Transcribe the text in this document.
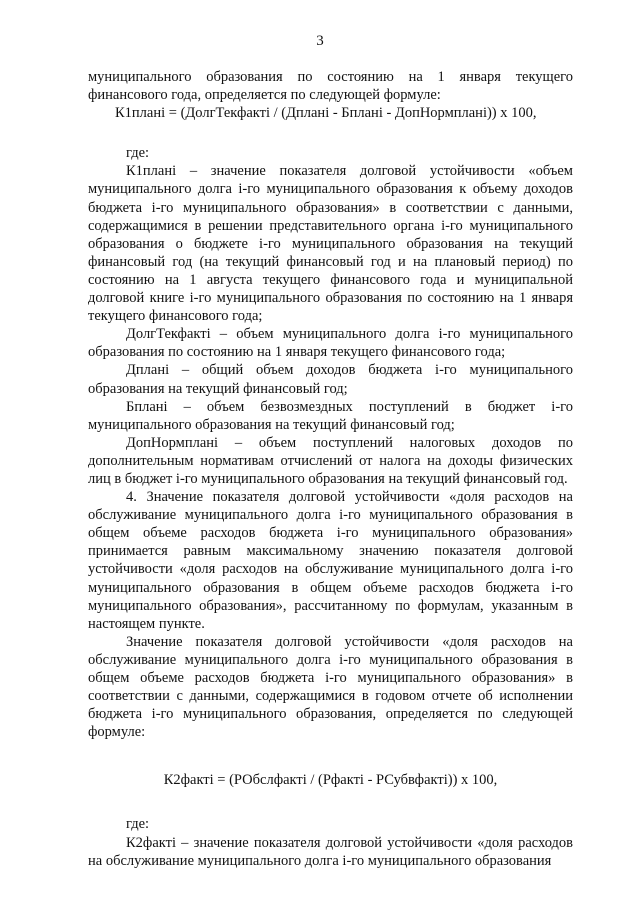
3

муниципального образования по состоянию на 1 января текущего финансового года, определяется по следующей формуле:

К1плані = (ДолгТекфакті / (Дплані - Бплані - ДопНормплані)) х 100,

где:

К1плані – значение показателя долговой устойчивости «объем муниципального долга i-го муниципального образования к объему доходов бюджета i-го муниципального образования» в соответствии с данными, содержащимися в решении представительного органа i-го муниципального образования о бюджете i-го муниципального образования на текущий финансовый год (на текущий финансовый год и на плановый период) по состоянию на 1 августа текущего финансового года и муниципальной долговой книге i-го муниципального образования по состоянию на 1 января текущего финансового года;

ДолгТекфакті – объем муниципального долга i-го муниципального образования по состоянию на 1 января текущего финансового года;

Дплані – общий объем доходов бюджета i-го муниципального образования на текущий финансовый год;

Бплані – объем безвозмездных поступлений в бюджет i-го муниципального образования на текущий финансовый год;

ДопНормплані – объем поступлений налоговых доходов по дополнительным нормативам отчислений от налога на доходы физических лиц в бюджет i-го муниципального образования на текущий финансовый год.

4. Значение показателя долговой устойчивости «доля расходов на обслуживание муниципального долга i-го муниципального образования в общем объеме расходов бюджета i-го муниципального образования» принимается равным максимальному значению показателя долговой устойчивости «доля расходов на обслуживание муниципального долга i-го муниципального образования в общем объеме расходов бюджета i-го муниципального образования», рассчитанному по формулам, указанным в настоящем пункте.

Значение показателя долговой устойчивости «доля расходов на обслуживание муниципального долга i-го муниципального образования в общем объеме расходов бюджета i-го муниципального образования» в соответствии с данными, содержащимися в годовом отчете об исполнении бюджета i-го муниципального образования, определяется по следующей формуле:

К2факті = (РОбслфакті / (Рфакті - РСубвфакті)) х 100,

где:

К2факті – значение показателя долговой устойчивости «доля расходов на обслуживание муниципального долга i-го муниципального образования
